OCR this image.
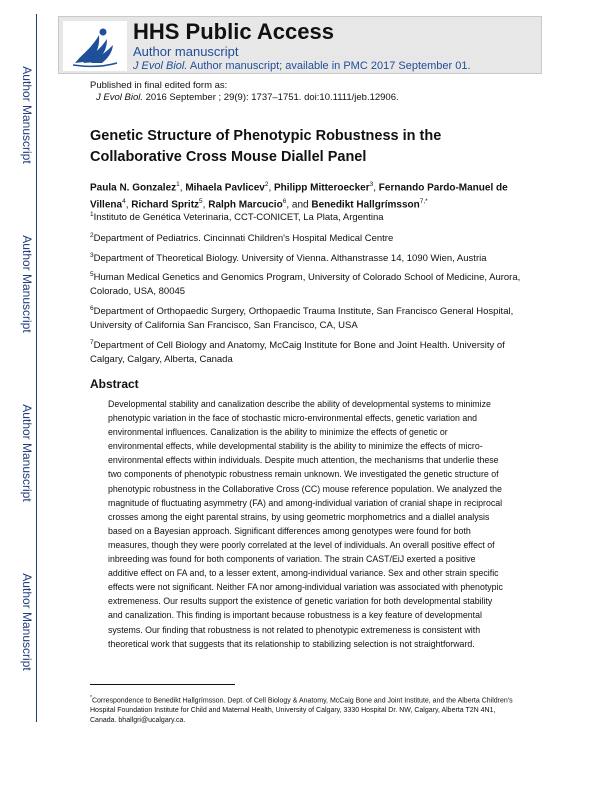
Author Manuscript
Author Manuscript
Author Manuscript
Author Manuscript
HHS Public Access
Author manuscript
J Evol Biol. Author manuscript; available in PMC 2017 September 01.
Published in final edited form as:
J Evol Biol. 2016 September ; 29(9): 1737–1751. doi:10.1111/jeb.12906.
Genetic Structure of Phenotypic Robustness in the Collaborative Cross Mouse Diallel Panel
Paula N. Gonzalez$^1$, Mihaela Pavlicev$^2$, Philipp Mitteroecker$^3$, Fernando Pardo-Manuel de Villena$^4$, Richard Spritz$^5$, Ralph Marcucio$^6$, and Benedikt Hallgrímsson$^{7,*}$
$^1$Instituto de Genética Veterinaria, CCT-CONICET, La Plata, Argentina
$^2$Department of Pediatrics. Cincinnati Children's Hospital Medical Centre
$^3$Department of Theoretical Biology. University of Vienna. Althanstrasse 14, 1090 Wien, Austria
$^5$Human Medical Genetics and Genomics Program, University of Colorado School of Medicine, Aurora, Colorado, USA, 80045
$^6$Department of Orthopaedic Surgery, Orthopaedic Trauma Institute, San Francisco General Hospital, University of California San Francisco, San Francisco, CA, USA
$^7$Department of Cell Biology and Anatomy, McCaig Institute for Bone and Joint Health. University of Calgary, Calgary, Alberta, Canada
Abstract
Developmental stability and canalization describe the ability of developmental systems to minimize phenotypic variation in the face of stochastic micro-environmental effects, genetic variation and environmental influences. Canalization is the ability to minimize the effects of genetic or environmental effects, while developmental stability is the ability to minimize the effects of micro-environmental effects within individuals. Despite much attention, the mechanisms that underlie these two components of phenotypic robustness remain unknown. We investigated the genetic structure of phenotypic robustness in the Collaborative Cross (CC) mouse reference population. We analyzed the magnitude of fluctuating asymmetry (FA) and among-individual variation of cranial shape in reciprocal crosses among the eight parental strains, by using geometric morphometrics and a diallel analysis based on a Bayesian approach. Significant differences among genotypes were found for both measures, though they were poorly correlated at the level of individuals. An overall positive effect of inbreeding was found for both components of variation. The strain CAST/EiJ exerted a positive additive effect on FA and, to a lesser extent, among-individual variance. Sex and other strain specific effects were not significant. Neither FA nor among-individual variation was associated with phenotypic extremeness. Our results support the existence of genetic variation for both developmental stability and canalization. This finding is important because robustness is a key feature of developmental systems. Our finding that robustness is not related to phenotypic extremeness is consistent with theoretical work that suggests that its relationship to stabilizing selection is not straightforward.
*Correspondence to Benedikt Hallgrímsson. Dept. of Cell Biology & Anatomy, McCaig Bone and Joint Institute, and the Alberta Children's Hospital Foundation Institute for Child and Maternal Health, University of Calgary, 3330 Hospital Dr. NW, Calgary, Alberta T2N 4N1, Canada. bhallgri@ucalgary.ca.
